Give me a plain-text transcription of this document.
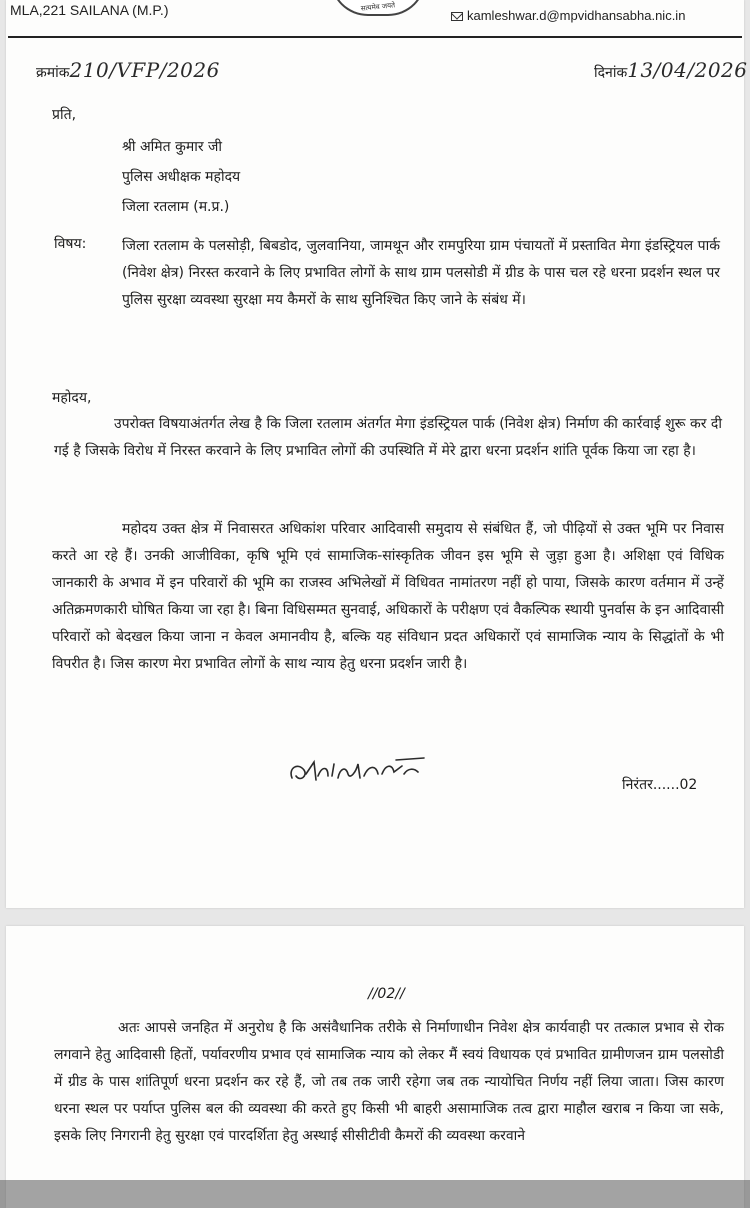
MLA,221 SAILANA (M.P.)	सत्यमेव जयते
kamleshwar.d@mpvidhansabha.nic.in
क्रमांक210/VFP/2026	दिनांक13/04/2026
प्रति,
श्री अमित कुमार जी
पुलिस अधीक्षक महोदय
जिला रतलाम (म.प्र.)
विषय:	जिला रतलाम के पलसोड़ी, बिबडोद, जुलवानिया, जामथून और रामपुरिया ग्राम पंचायतों में प्रस्तावित मेगा इंडस्ट्रियल पार्क (निवेश क्षेत्र) निरस्त करवाने के लिए प्रभावित लोगों के साथ ग्राम पलसोडी में ग्रीड के पास चल रहे धरना प्रदर्शन स्थल पर पुलिस सुरक्षा व्यवस्था सुरक्षा मय कैमरों के साथ सुनिश्चित किए जाने के संबंध में।
महोदय,
उपरोक्त विषयाअंतर्गत लेख है कि जिला रतलाम अंतर्गत मेगा इंडस्ट्रियल पार्क (निवेश क्षेत्र) निर्माण की कार्रवाई शुरू कर दी गई है जिसके विरोध में निरस्त करवाने के लिए प्रभावित लोगों की उपस्थिति में मेरे द्वारा धरना प्रदर्शन शांति पूर्वक किया जा रहा है।
महोदय उक्त क्षेत्र में निवासरत अधिकांश परिवार आदिवासी समुदाय से संबंधित हैं, जो पीढ़ियों से उक्त भूमि पर निवास करते आ रहे हैं। उनकी आजीविका, कृषि भूमि एवं सामाजिक-सांस्कृतिक जीवन इस भूमि से जुड़ा हुआ है। अशिक्षा एवं विधिक जानकारी के अभाव में इन परिवारों की भूमि का राजस्व अभिलेखों में विधिवत नामांतरण नहीं हो पाया, जिसके कारण वर्तमान में उन्हें अतिक्रमणकारी घोषित किया जा रहा है। बिना विधिसम्मत सुनवाई, अधिकारों के परीक्षण एवं वैकल्पिक स्थायी पुनर्वास के इन आदिवासी परिवारों को बेदखल किया जाना न केवल अमानवीय है, बल्कि यह संविधान प्रदत अधिकारों एवं सामाजिक न्याय के सिद्धांतों के भी विपरीत है। जिस कारण मेरा प्रभावित लोगों के साथ न्याय हेतु धरना प्रदर्शन जारी है।
निरंतर......02
//02//
अतः आपसे जनहित में अनुरोध है कि असंवैधानिक तरीके से निर्माणाधीन निवेश क्षेत्र कार्यवाही पर तत्काल प्रभाव से रोक लगवाने हेतु आदिवासी हितों, पर्यावरणीय प्रभाव एवं सामाजिक न्याय को लेकर मैं स्वयं विधायक एवं प्रभावित ग्रामीणजन ग्राम पलसोडी में ग्रीड के पास शांतिपूर्ण धरना प्रदर्शन कर रहे हैं, जो तब तक जारी रहेगा जब तक न्यायोचित निर्णय नहीं लिया जाता। जिस कारण धरना स्थल पर पर्याप्त पुलिस बल की व्यवस्था की करते हुए किसी भी बाहरी असामाजिक तत्व द्वारा माहौल खराब न किया जा सके, इसके लिए निगरानी हेतु सुरक्षा एवं पारदर्शिता हेतु अस्थाई सीसीटीवी कैमरों की व्यवस्था करवाने
